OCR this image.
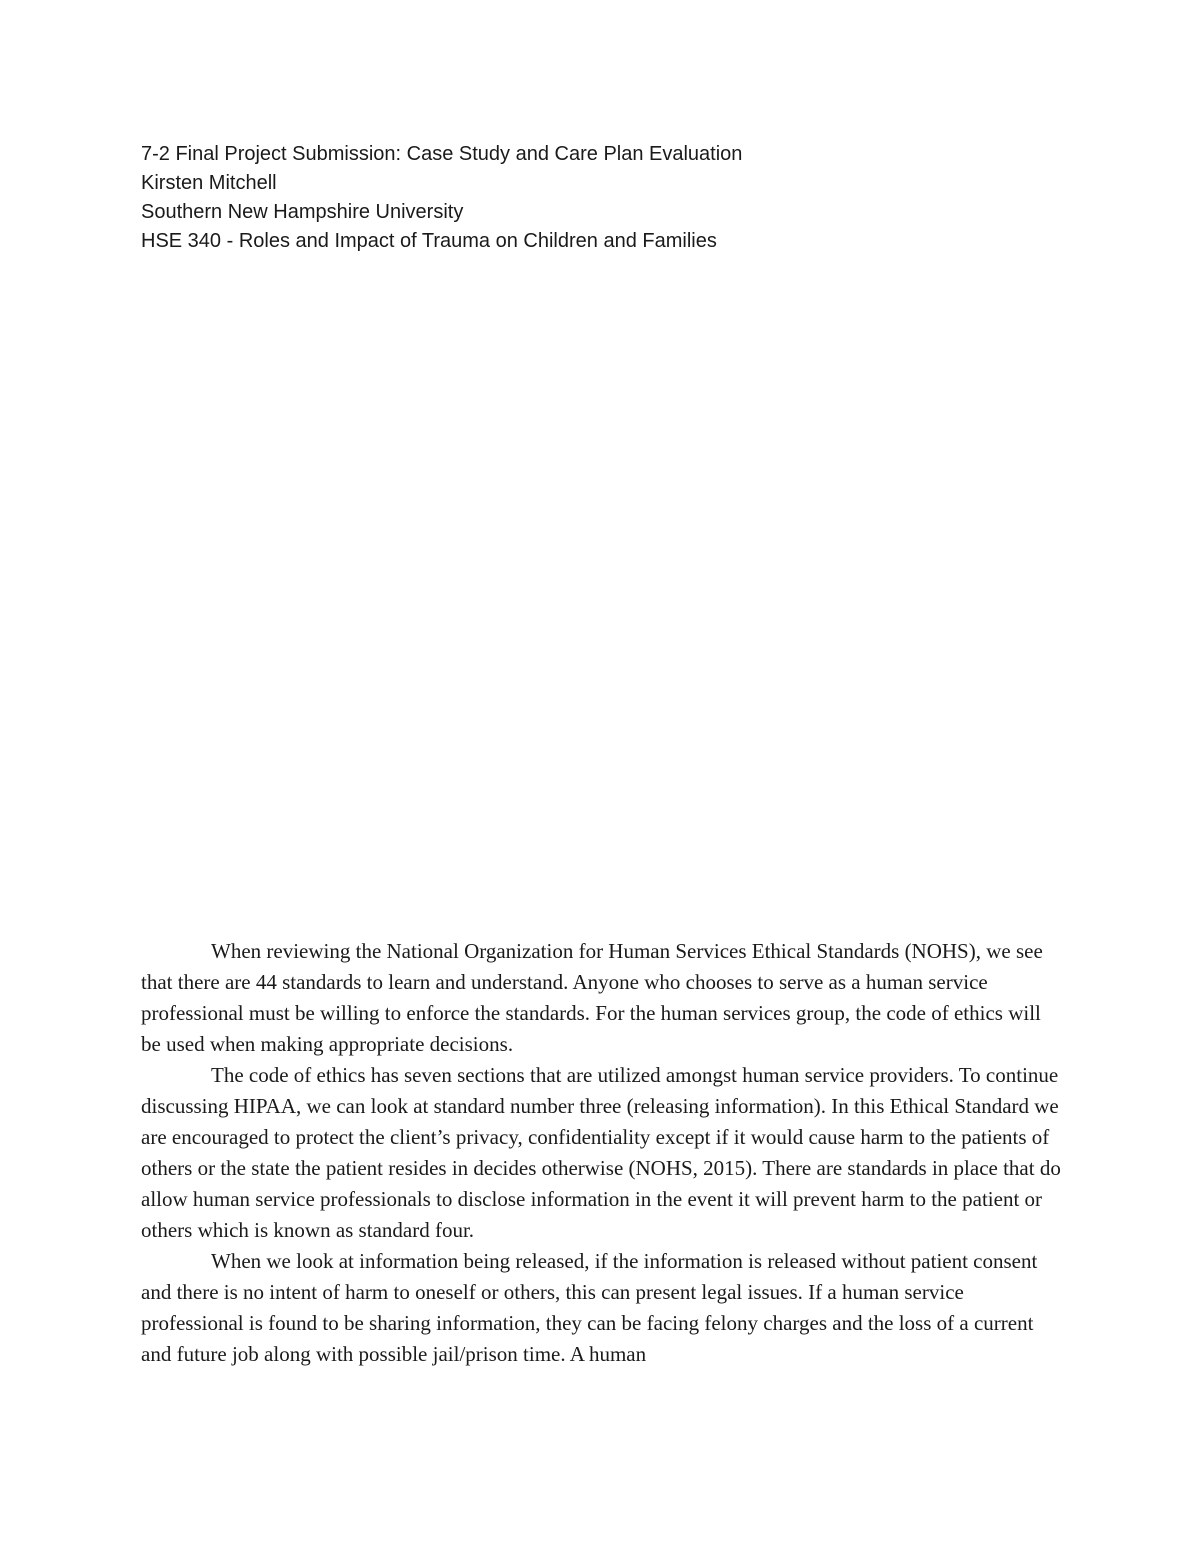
7-2 Final Project Submission: Case Study and Care Plan Evaluation
Kirsten Mitchell
Southern New Hampshire University
HSE 340 - Roles and Impact of Trauma on Children and Families

When reviewing the National Organization for Human Services Ethical Standards (NOHS), we see that there are 44 standards to learn and understand. Anyone who chooses to serve as a human service professional must be willing to enforce the standards. For the human services group, the code of ethics will be used when making appropriate decisions.

The code of ethics has seven sections that are utilized amongst human service providers. To continue discussing HIPAA, we can look at standard number three (releasing information). In this Ethical Standard we are encouraged to protect the client’s privacy, confidentiality except if it would cause harm to the patients of others or the state the patient resides in decides otherwise (NOHS, 2015). There are standards in place that do allow human service professionals to disclose information in the event it will prevent harm to the patient or others which is known as standard four.

When we look at information being released, if the information is released without patient consent and there is no intent of harm to oneself or others, this can present legal issues. If a human service professional is found to be sharing information, they can be facing felony charges and the loss of a current and future job along with possible jail/prison time. A human
